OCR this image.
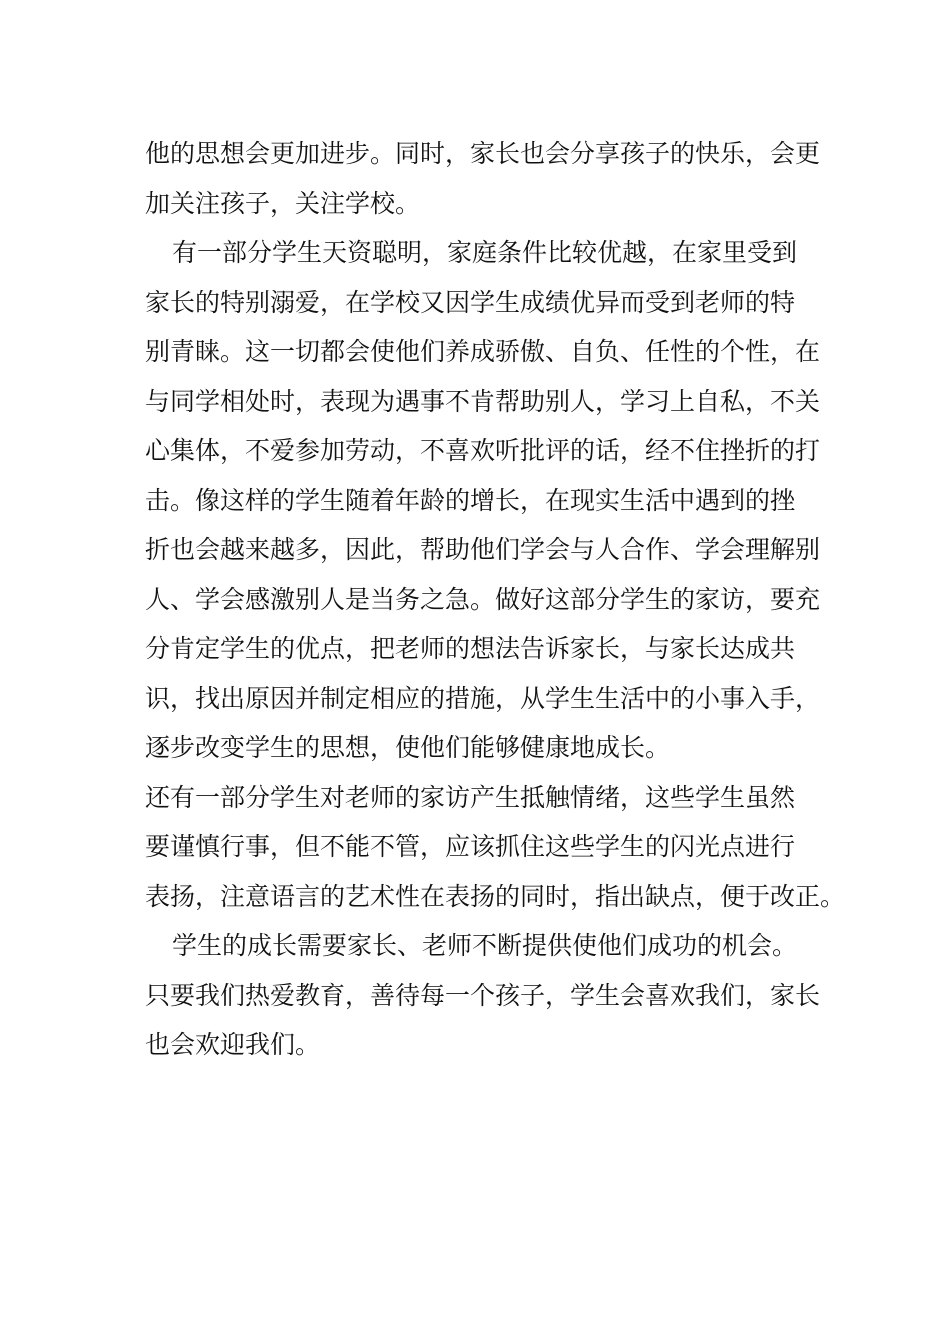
他的思想会更加进步。同时，家长也会分享孩子的快乐，会更
加关注孩子，关注学校。
有一部分学生天资聪明，家庭条件比较优越，在家里受到
家长的特别溺爱，在学校又因学生成绩优异而受到老师的特
别青睐。这一切都会使他们养成骄傲、自负、任性的个性，在
与同学相处时，表现为遇事不肯帮助别人，学习上自私，不关
心集体，不爱参加劳动，不喜欢听批评的话，经不住挫折的打
击。像这样的学生随着年龄的增长，在现实生活中遇到的挫
折也会越来越多，因此，帮助他们学会与人合作、学会理解别
人、学会感激别人是当务之急。做好这部分学生的家访，要充
分肯定学生的优点，把老师的想法告诉家长，与家长达成共
识，找出原因并制定相应的措施，从学生生活中的小事入手，
逐步改变学生的思想，使他们能够健康地成长。
还有一部分学生对老师的家访产生抵触情绪，这些学生虽然
要谨慎行事，但不能不管，应该抓住这些学生的闪光点进行
表扬，注意语言的艺术性在表扬的同时，指出缺点，便于改正。
学生的成长需要家长、老师不断提供使他们成功的机会。
只要我们热爱教育，善待每一个孩子，学生会喜欢我们，家长
也会欢迎我们。
